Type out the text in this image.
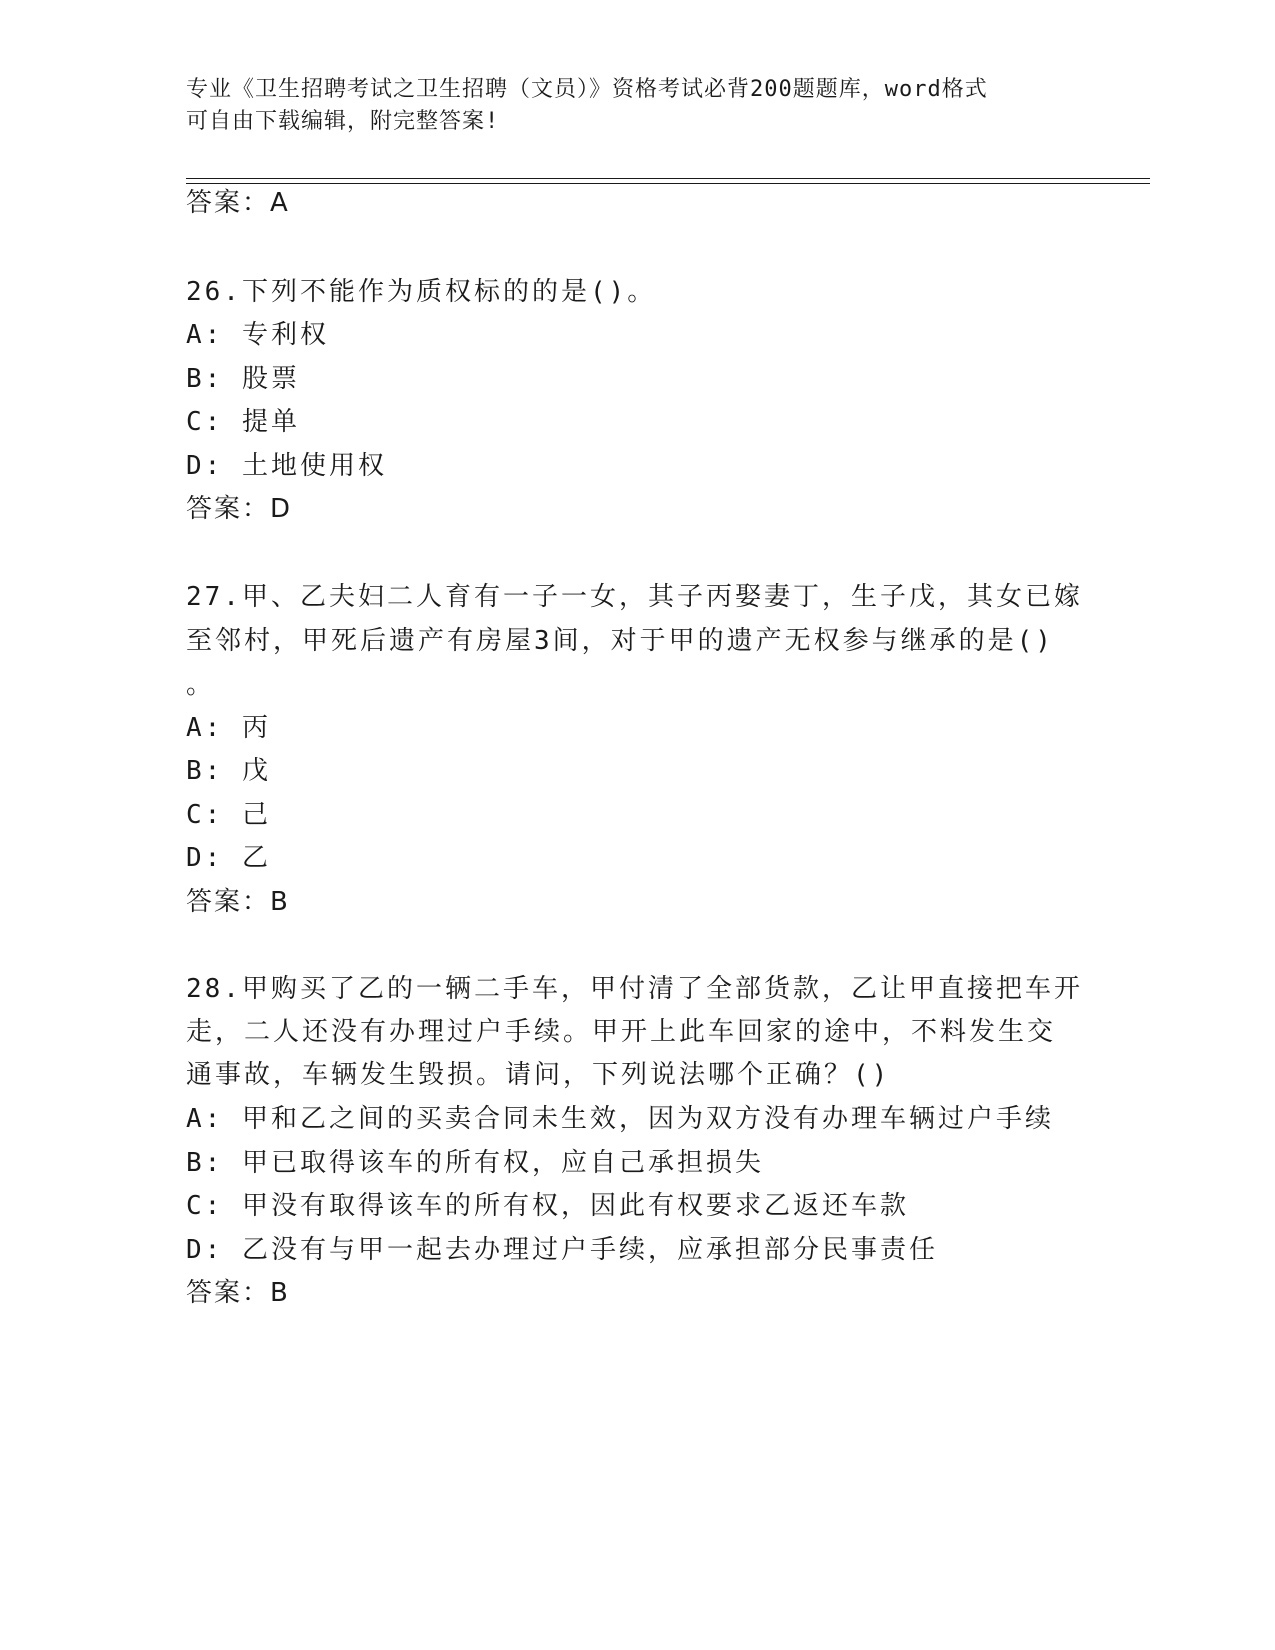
专业《卫生招聘考试之卫生招聘（文员）》资格考试必背200题题库，word格式
可自由下载编辑，附完整答案!
答案：A
26.下列不能作为质权标的的是()。
A: 专利权
B: 股票
C: 提单
D: 土地使用权
答案：D
27.甲、乙夫妇二人育有一子一女，其子丙娶妻丁，生子戊，其女已嫁
至邻村，甲死后遗产有房屋3间，对于甲的遗产无权参与继承的是()
。
A: 丙
B: 戊
C: 己
D: 乙
答案：B
28.甲购买了乙的一辆二手车，甲付清了全部货款，乙让甲直接把车开
走，二人还没有办理过户手续。甲开上此车回家的途中，不料发生交
通事故，车辆发生毁损。请问，下列说法哪个正确？()
A: 甲和乙之间的买卖合同未生效，因为双方没有办理车辆过户手续
B: 甲已取得该车的所有权，应自己承担损失
C: 甲没有取得该车的所有权，因此有权要求乙返还车款
D: 乙没有与甲一起去办理过户手续，应承担部分民事责任
答案：B
